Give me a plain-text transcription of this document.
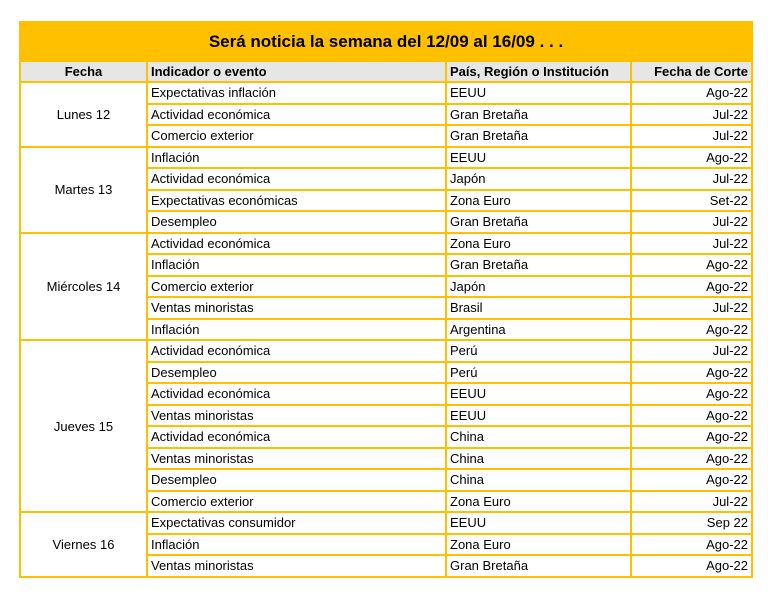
Será noticia la semana del 12/09 al 16/09 . . .			
Fecha	Indicador o evento	País, Región o Institución	Fecha de Corte
Lunes 12	Expectativas inflación	EEUU	Ago-22
	Actividad económica	Gran Bretaña	Jul-22
	Comercio exterior	Gran Bretaña	Jul-22
Martes 13	Inflación	EEUU	Ago-22
	Actividad económica	Japón	Jul-22
	Expectativas económicas	Zona Euro	Set-22
	Desempleo	Gran Bretaña	Jul-22
Miércoles 14	Actividad económica	Zona Euro	Jul-22
	Inflación	Gran Bretaña	Ago-22
	Comercio exterior	Japón	Ago-22
	Ventas minoristas	Brasil	Jul-22
	Inflación	Argentina	Ago-22
Jueves 15	Actividad económica	Perú	Jul-22
	Desempleo	Perú	Ago-22
	Actividad económica	EEUU	Ago-22
	Ventas minoristas	EEUU	Ago-22
	Actividad económica	China	Ago-22
	Ventas minoristas	China	Ago-22
	Desempleo	China	Ago-22
	Comercio exterior	Zona Euro	Jul-22
Viernes 16	Expectativas consumidor	EEUU	Sep 22
	Inflación	Zona Euro	Ago-22
	Ventas minoristas	Gran Bretaña	Ago-22
